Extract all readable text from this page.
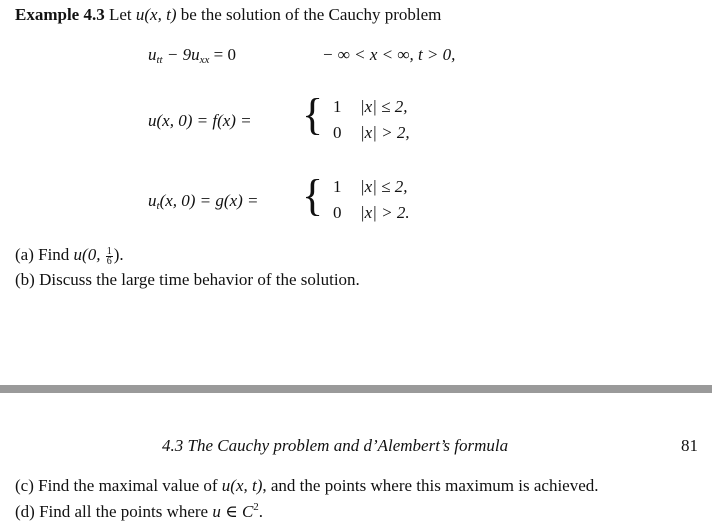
Example 4.3 Let u(x, t) be the solution of the Cauchy problem
$u_{tt} - 9u_{xx} = 0$	− ∞ < x < ∞, t > 0,
u(x, 0) = f(x) = { 1 |x| ≤ 2,
0 |x| > 2,
$u_t(x$, 0) = g(x) = { 1 |x| ≤ 2,
0 |x| > 2.
(a) Find u(0, $\frac{1}{6}$ ).
(b) Discuss the large time behavior of the solution.
4.3 The Cauchy problem and d’Alembert’s formula	81
(c) Find the maximal value of u(x, t), and the points where this maximum is achieved.
(d) Find all the points where u ∈ $C^2$.
